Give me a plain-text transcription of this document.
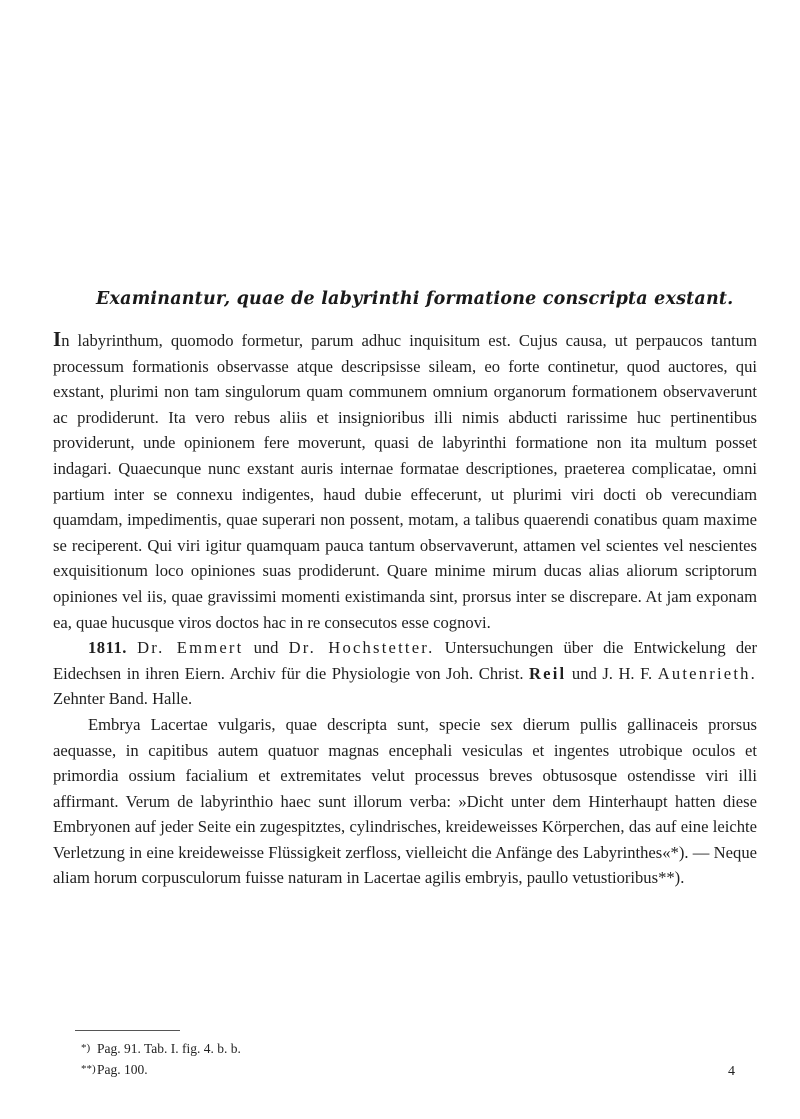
Examinantur, quae de labyrinthi formatione conscripta exstant.

In labyrinthum, quomodo formetur, parum adhuc inquisitum est. Cujus causa, ut perpaucos tantum processum formationis observasse atque descripsisse sileam, eo forte continetur, quod auctores, qui exstant, plurimi non tam singulorum quam communem omnium organorum formationem observaverunt ac prodiderunt. Ita vero rebus aliis et insignioribus illi nimis abducti rarissime huc pertinentibus providerunt, unde opinionem fere moverunt, quasi de labyrinthi formatione non ita multum posset indagari. Quaecunque nunc exstant auris internae formatae descriptiones, praeterea complicatae, omni partium inter se connexu indigentes, haud dubie effecerunt, ut plurimi viri docti ob verecundiam quamdam, impedimentis, quae superari non possent, motam, a talibus quaerendi conatibus quam maxime se reciperent. Qui viri igitur quamquam pauca tantum observaverunt, attamen vel scientes vel nescientes exquisitionum loco opiniones suas prodiderunt. Quare minime mirum ducas alias aliorum scriptorum opiniones vel iis, quae gravissimi momenti existimanda sint, prorsus inter se discrepare. At jam exponam ea, quae hucusque viros doctos hac in re consecutos esse cognovi.

1811. Dr. Emmert und Dr. Hochstetter. Untersuchungen über die Entwickelung der Eidechsen in ihren Eiern. Archiv für die Physiologie von Joh. Christ. Reil und J. H. F. Autenrieth. Zehnter Band. Halle.

Embrya Lacertae vulgaris, quae descripta sunt, specie sex dierum pullis gallinaceis prorsus aequasse, in capitibus autem quatuor magnas encephali vesiculas et ingentes utrobique oculos et primordia ossium facialium et extremitates velut processus breves obtusosque ostendisse viri illi affirmant. Verum de labyrinthio haec sunt illorum verba: »Dicht unter dem Hinterhaupt hatten diese Embryonen auf jeder Seite ein zugespitztes, cylindrisches, kreideweisses Körperchen, das auf eine leichte Verletzung in eine kreideweisse Flüssigkeit zerfloss, vielleicht die Anfänge des Labyrinthes«*). — Neque aliam horum corpusculorum fuisse naturam in Lacertae agilis embryis, paullo vetustioribus**).

*) Pag. 91. Tab. I. fig. 4. b. b.
**)Pag. 100.	4
